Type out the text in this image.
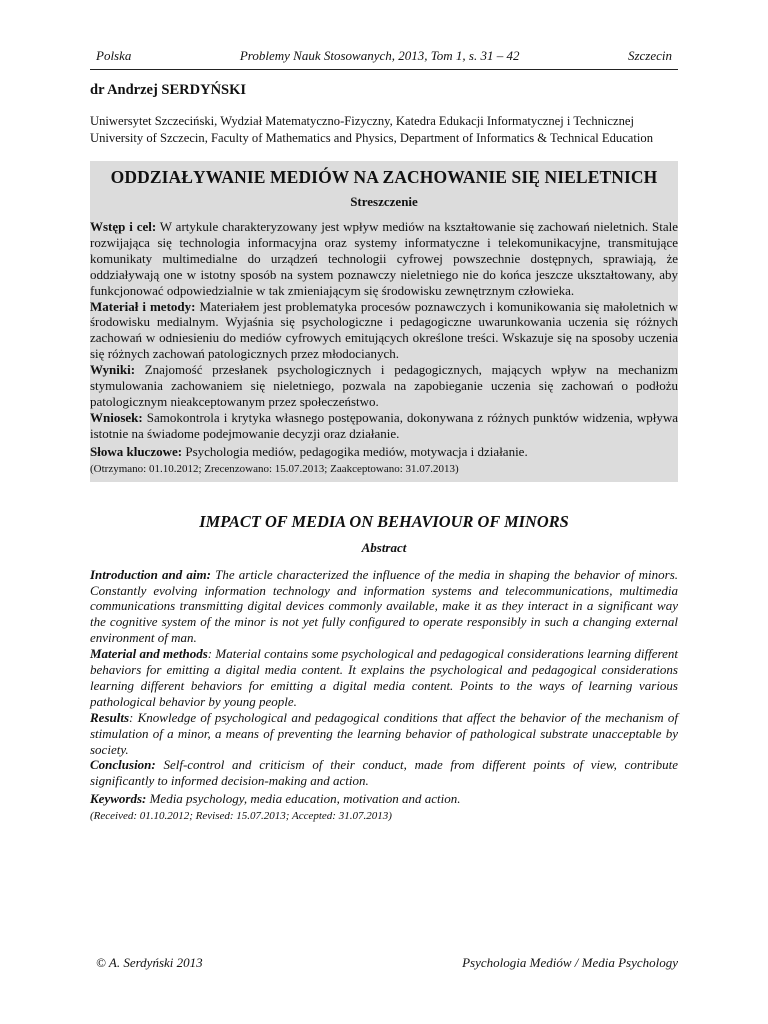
Polska	Problemy Nauk Stosowanych, 2013, Tom 1, s. 31 – 42	Szczecin
dr Andrzej SERDYŃSKI
Uniwersytet Szczeciński, Wydział Matematyczno-Fizyczny, Katedra Edukacji Informatycznej i Technicznej
University of Szczecin, Faculty of Mathematics and Physics, Department of Informatics & Technical Education
ODDZIAŁYWANIE MEDIÓW NA ZACHOWANIE SIĘ NIELETNICH
Streszczenie

Wstęp i cel: W artykule charakteryzowany jest wpływ mediów na kształtowanie się zachowań nieletnich. Stale rozwijająca się technologia informacyjna oraz systemy informatyczne i telekomunikacyjne, transmitujące komunikaty multimedialne do urządzeń technologii cyfrowej powszechnie dostępnych, sprawiają, że oddziaływają one w istotny sposób na system poznawczy nieletniego nie do końca jeszcze ukształtowany, aby funkcjonować odpowiedzialnie w tak zmieniającym się środowisku zewnętrznym człowieka.

Materiał i metody: Materiałem jest problematyka procesów poznawczych i komunikowania się małoletnich w środowisku medialnym. Wyjaśnia się psychologiczne i pedagogiczne uwarunkowania uczenia się różnych zachowań w odniesieniu do mediów cyfrowych emitujących określone treści. Wskazuje się na sposoby uczenia się różnych zachowań patologicznych przez młodocianych.

Wyniki: Znajomość przesłanek psychologicznych i pedagogicznych, mających wpływ na mechanizm stymulowania zachowaniem się nieletniego, pozwala na zapobieganie uczenia się zachowań o podłożu patologicznym nieakceptowanym przez społeczeństwo.

Wniosek: Samokontrola i krytyka własnego postępowania, dokonywana z różnych punktów widzenia, wpływa istotnie na świadome podejmowanie decyzji oraz działanie.

Słowa kluczowe: Psychologia mediów, pedagogika mediów, motywacja i działanie.

(Otrzymano: 01.10.2012; Zrecenzowano: 15.07.2013; Zaakceptowano: 31.07.2013)
IMPACT OF MEDIA ON BEHAVIOUR OF MINORS
Abstract

Introduction and aim: The article characterized the influence of the media in shaping the behavior of minors. Constantly evolving information technology and information systems and telecommunications, multimedia communications transmitting digital devices commonly available, make it as they interact in a significant way the cognitive system of the minor is not yet fully configured to operate responsibly in such a changing external environment of man.

Material and methods: Material contains some psychological and pedagogical considerations learning different behaviors for emitting a digital media content. It explains the psychological and pedagogical considerations learning different behaviors for emitting a digital media content. Points to the ways of learning various pathological behavior by young people.

Results: Knowledge of psychological and pedagogical conditions that affect the behavior of the mechanism of stimulation of a minor, a means of preventing the learning behavior of pathological substrate unacceptable by society.

Conclusion: Self-control and criticism of their conduct, made from different points of view, contribute significantly to informed decision-making and action.

Keywords: Media psychology, media education, motivation and action.

(Received: 01.10.2012; Revised: 15.07.2013; Accepted: 31.07.2013)
© A. Serdyński 2013	Psychologia Mediów / Media Psychology
